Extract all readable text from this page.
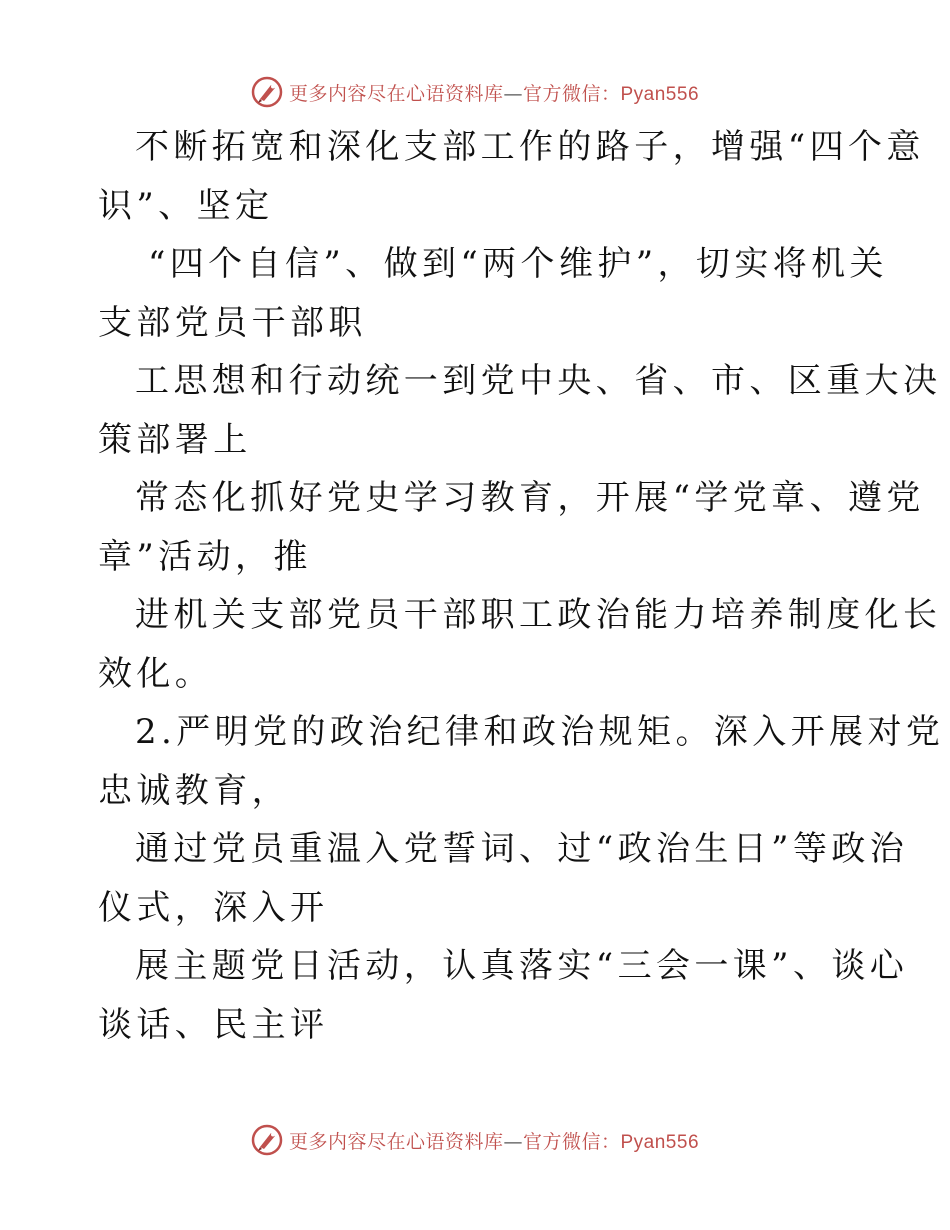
更多内容尽在心语资料库—官方微信：Pyan556
不断拓宽和深化支部工作的路子，增强“四个意
识”、坚定
“四个自信”、做到“两个维护”，切实将机关
支部党员干部职
工思想和行动统一到党中央、省、市、区重大决
策部署上
常态化抓好党史学习教育，开展“学党章、遵党
章”活动，推
进机关支部党员干部职工政治能力培养制度化长
效化。
2.严明党的政治纪律和政治规矩。深入开展对党
忠诚教育，
通过党员重温入党誓词、过“政治生日”等政治
仪式，深入开
展主题党日活动，认真落实“三会一课”、谈心
谈话、民主评
更多内容尽在心语资料库—官方微信：Pyan556
